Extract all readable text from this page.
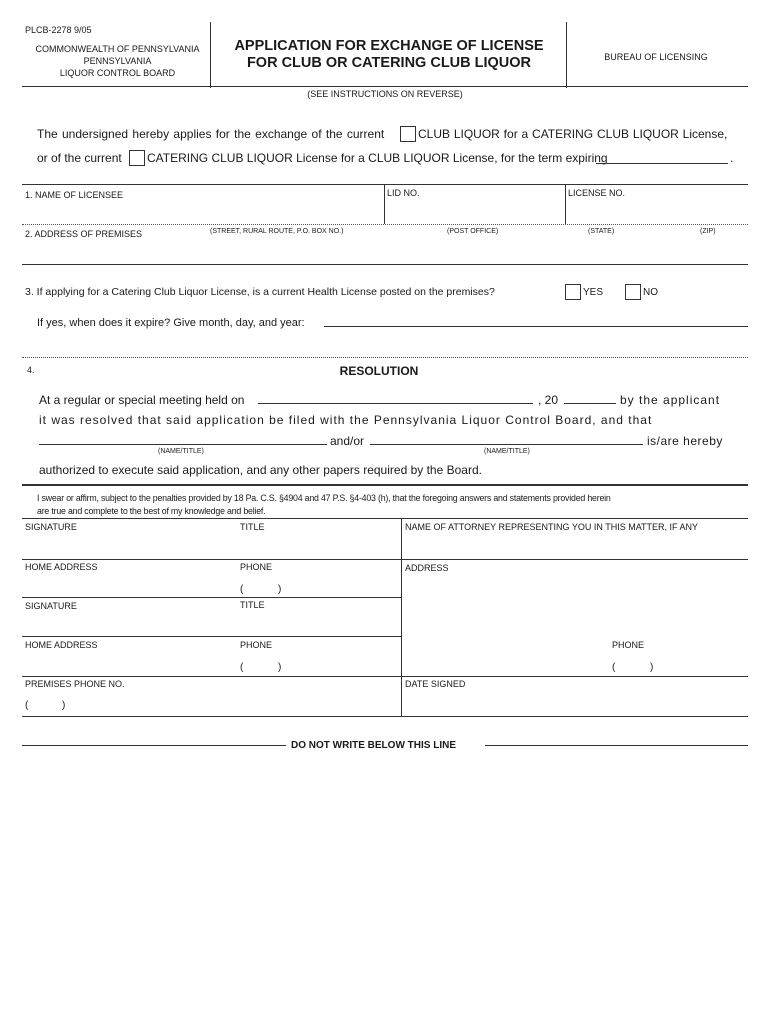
PLCB-2278 9/05
COMMONWEALTH OF PENNSYLVANIA
PENNSYLVANIA
LIQUOR CONTROL BOARD
APPLICATION FOR EXCHANGE OF LICENSE
FOR CLUB OR CATERING CLUB LIQUOR	BUREAU OF LICENSING
(SEE INSTRUCTIONS ON REVERSE)
The undersigned hereby applies for the exchange of the current	CLUB LIQUOR for a CATERING CLUB LIQUOR License,
or of the current CATERING CLUB LIQUOR License for a CLUB LIQUOR License, for the term expiring	.
1. NAME OF LICENSEE	LID NO.	LICENSE NO.
2. ADDRESS OF PREMISES	(STREET, RURAL ROUTE, P.O. BOX NO.)	(POST OFFICE)	(STATE)	(ZIP)
3. If applying for a Catering Club Liquor License, is a current Health License posted on the premises?	YES	NO
If yes, when does it expire? Give month, day, and year:
4.	RESOLUTION
At a regular or special meeting held on	, 20	by the applicant
it was resolved that said application be filed with the Pennsylvania Liquor Control Board, and that
and/or	is/are hereby
(NAME/TITLE)	(NAME/TITLE)
authorized to execute said application, and any other papers required by the Board.
I swear or affirm, subject to the penalties provided by 18 Pa. C.S. §4904 and 47 P.S. §4-403 (h), that the foregoing answers and statements provided herein
are true and complete to the best of my knowledge and belief.
SIGNATURE	TITLE	NAME OF ATTORNEY REPRESENTING YOU IN THIS MATTER, IF ANY
HOME ADDRESS	PHONE	ADDRESS
(	)
SIGNATURE	TITLE
HOME ADDRESS	PHONE	PHONE
(	)	(	)
PREMISES PHONE NO.	DATE SIGNED
(	)
DO NOT WRITE BELOW THIS LINE
